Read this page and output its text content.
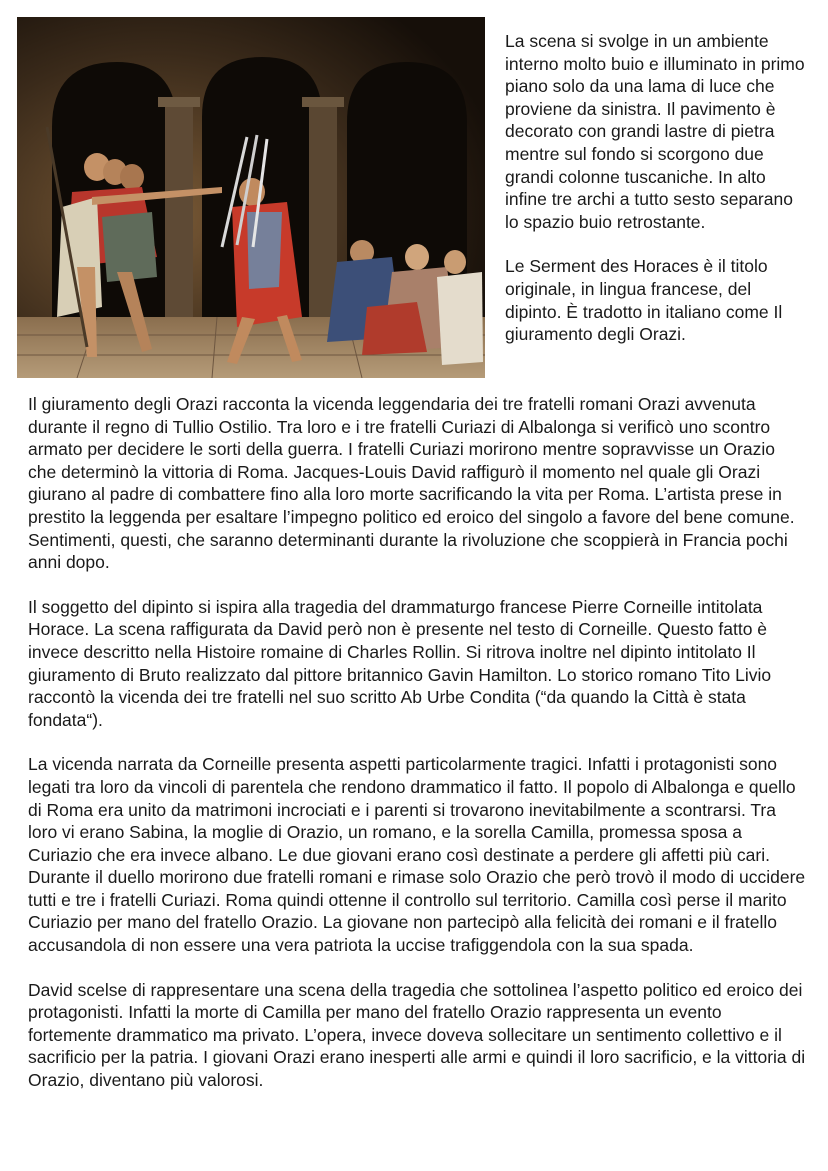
La scena si svolge in un ambiente interno molto buio e illuminato in primo piano solo da una lama di luce che proviene da sinistra. Il pavimento è decorato con grandi lastre di pietra mentre sul fondo si scorgono due grandi colonne tuscaniche. In alto infine tre archi a tutto sesto separano lo spazio buio retrostante.

Le Serment des Horaces è il titolo originale, in lingua francese, del dipinto. È tradotto in italiano come Il giuramento degli Orazi.

Il giuramento degli Orazi racconta la vicenda leggendaria dei tre fratelli romani Orazi avvenuta durante il regno di Tullio Ostilio. Tra loro e i tre fratelli Curiazi di Albalonga si verificò uno scontro armato per decidere le sorti della guerra. I fratelli Curiazi morirono mentre sopravvisse un Orazio che determinò la vittoria di Roma. Jacques-Louis David raffigurò il momento nel quale gli Orazi giurano al padre di combattere fino alla loro morte sacrificando la vita per Roma. L’artista prese in prestito la leggenda per esaltare l’impegno politico ed eroico del singolo a favore del bene comune. Sentimenti, questi, che saranno determinanti durante la rivoluzione che scoppierà in Francia pochi anni dopo.

Il soggetto del dipinto si ispira alla tragedia del drammaturgo francese Pierre Corneille intitolata Horace. La scena raffigurata da David però non è presente nel testo di Corneille. Questo fatto è invece descritto nella Histoire romaine di Charles Rollin. Si ritrova inoltre nel dipinto intitolato Il giuramento di Bruto realizzato dal pittore britannico Gavin Hamilton. Lo storico romano Tito Livio raccontò la vicenda dei tre fratelli nel suo scritto Ab Urbe Condita (“da quando la Città è stata fondata“).

La vicenda narrata da Corneille presenta aspetti particolarmente tragici. Infatti i protagonisti sono legati tra loro da vincoli di parentela che rendono drammatico il fatto. Il popolo di Albalonga e quello di Roma era unito da matrimoni incrociati e i parenti si trovarono inevitabilmente a scontrarsi. Tra loro vi erano Sabina, la moglie di Orazio, un romano, e la sorella Camilla, promessa sposa a Curiazio che era invece albano. Le due giovani erano così destinate a perdere gli affetti più cari. Durante il duello morirono due fratelli romani e rimase solo Orazio che però trovò il modo di uccidere tutti e tre i fratelli Curiazi. Roma quindi ottenne il controllo sul territorio. Camilla così perse il marito Curiazio per mano del fratello Orazio. La giovane non partecipò alla felicità dei romani e il fratello accusandola di non essere una vera patriota la uccise trafiggendola con la sua spada.

David scelse di rappresentare una scena della tragedia che sottolinea l’aspetto politico ed eroico dei protagonisti. Infatti la morte di Camilla per mano del fratello Orazio rappresenta un evento fortemente drammatico ma privato. L’opera, invece doveva sollecitare un sentimento collettivo e il sacrificio per la patria. I giovani Orazi erano inesperti alle armi e quindi il loro sacrificio, e la vittoria di Orazio, diventano più valorosi.
